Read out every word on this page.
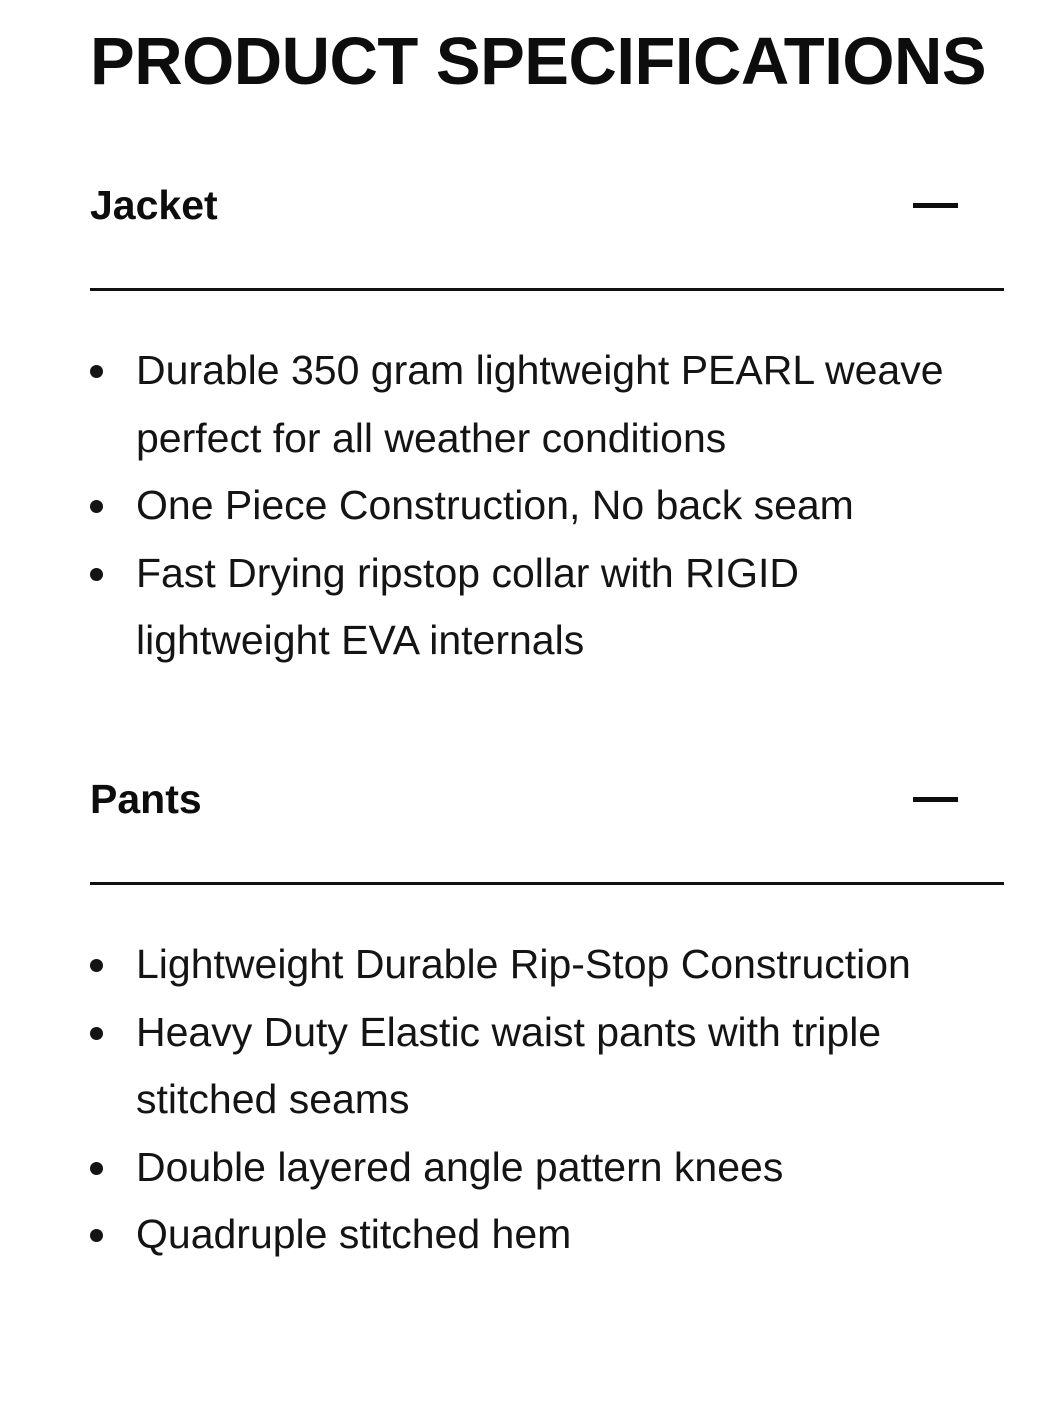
PRODUCT SPECIFICATIONS
Jacket
Durable 350 gram lightweight PEARL weave perfect for all weather conditions
One Piece Construction, No back seam
Fast Drying ripstop collar with RIGID lightweight EVA internals
Pants
Lightweight Durable Rip-Stop Construction
Heavy Duty Elastic waist pants with triple stitched seams
Double layered angle pattern knees
Quadruple stitched hem
